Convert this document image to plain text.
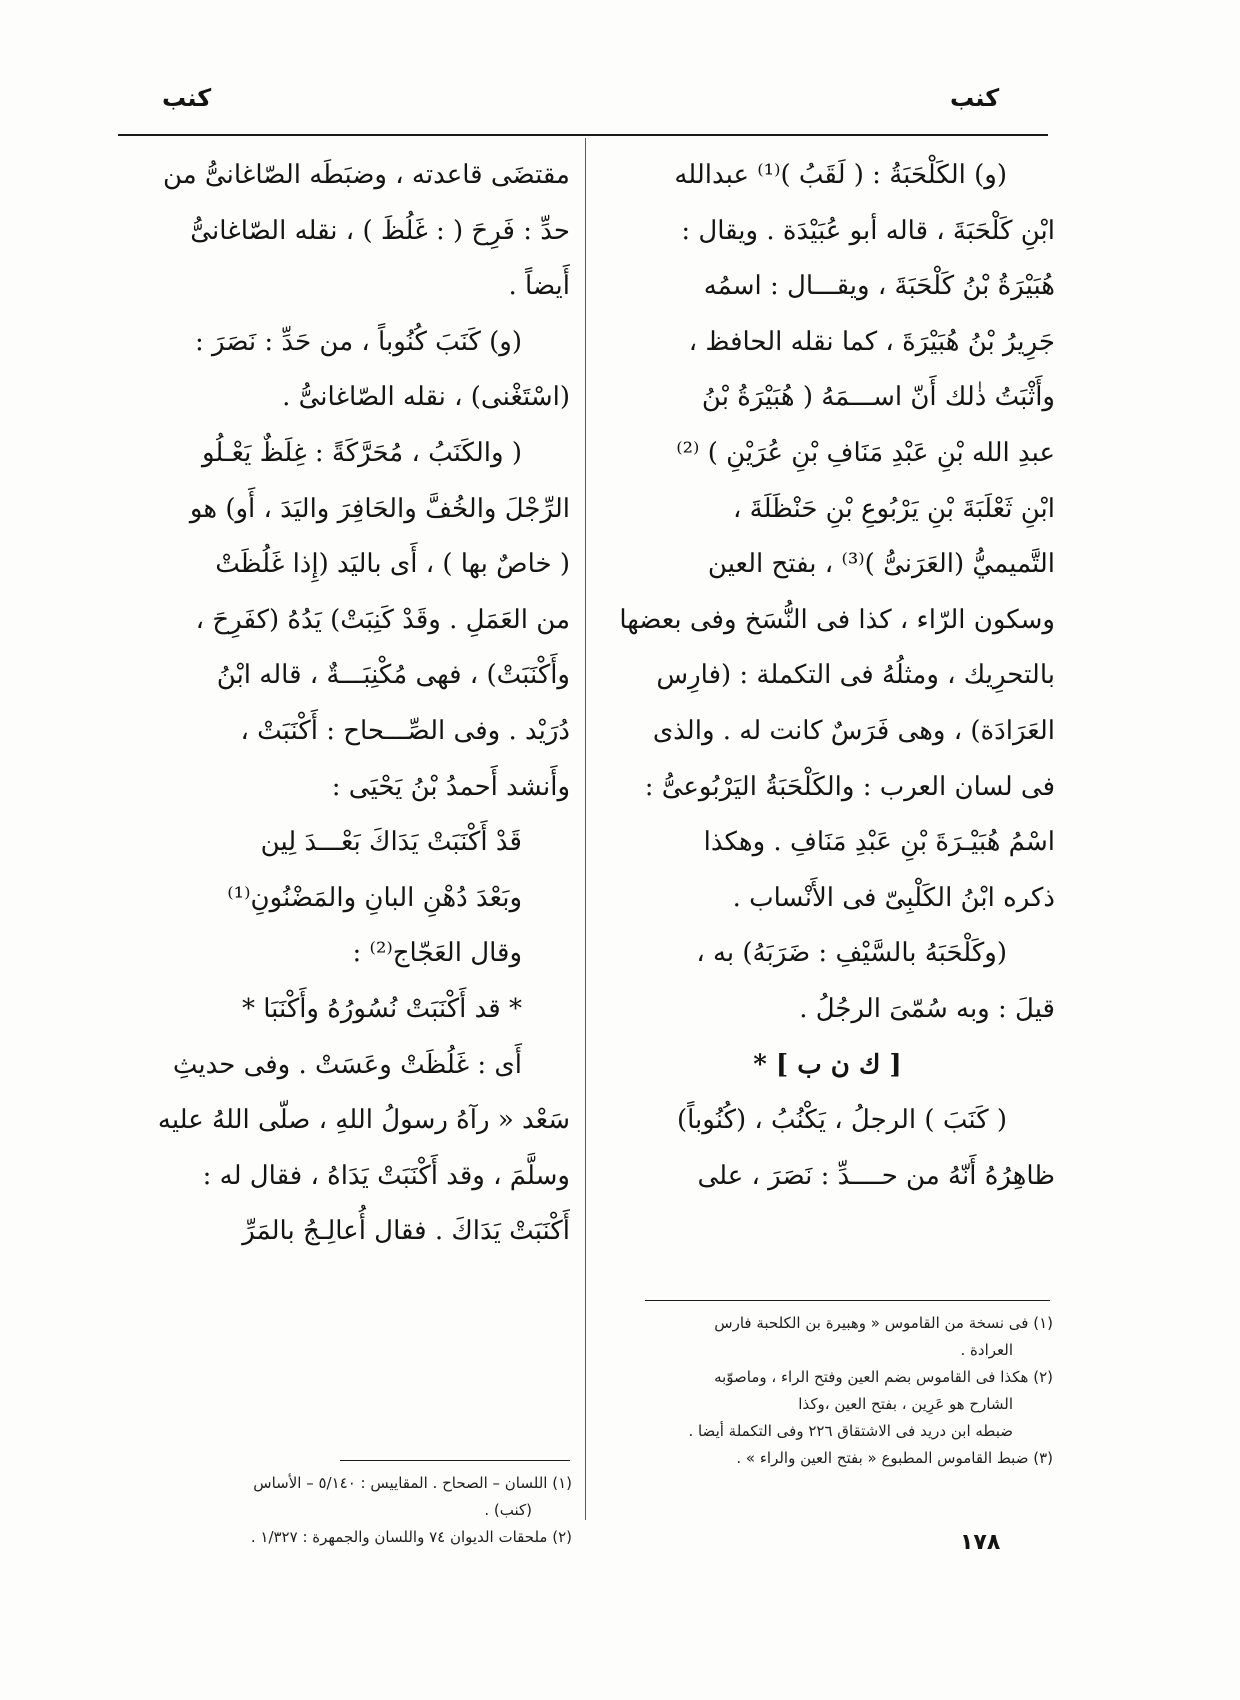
كنب
كنب
(و) الكَلْحَبَةُ : ( لَقَبُ )⁽¹⁾ عبدالله
ابْنِ كَلْحَبَةَ ، قاله أبو عُبَيْدَة . ويقال :
هُبَيْرَةُ بْنُ كَلْحَبَةَ ، ويقـــال : اسمُه
جَرِيرُ بْنُ هُبَيْرَةَ ، كما نقله الحافظ ،
وأَثْبَتُ ذٰلك أَنّ اســـمَهُ ( هُبَيْرَةُ بْنُ
عبدِ الله بْنِ عَبْدِ مَنَافِ بْنِ عُرَيْنِ ) ⁽²⁾
ابْنِ ثَعْلَبَةَ بْنِ يَرْبُوعِ بْنِ حَنْظَلَةَ ،
التَّميميُّ (العَرَنىُّ )⁽³⁾ ، بفتح العين
وسكون الرّاء ، كذا فى النُّسَخ وفى بعضها
بالتحرِيك ، ومثلُهُ فى التكملة : (فارِس
العَرَادَة) ، وهى فَرَسٌ كانت له . والذى
فى لسان العرب : والكَلْحَبَةُ اليَرْبُوعىُّ :
اسْمُ هُبَيْـرَةَ بْنِ عَبْدِ مَنَافِ . وهكذا
ذكره ابْنُ الكَلْبِىّ فى الأَنْساب .
(وكَلْحَبَهُ بالسَّيْفِ : ضَرَبَهُ) به ،
قيلَ : وبه سُمّىَ الرجُلُ .
[ ك ن ب ] *
( كَنَبَ ) الرجلُ ، يَكْنُبُ ، (كُنُوباً)
ظاهِرُهُ أَنّهُ من حــــدِّ : نَصَرَ ، على
مقتضَى قاعدته ، وضبَطَه الصّاغانىُّ من
حدِّ : فَرِحَ ( : غَلُظَ ) ، نقله الصّاغانىُّ
أَيضاً .
(و) كَنَبَ كُنُوباً ، من حَدِّ : نَصَرَ :
(اسْتَغْنى) ، نقله الصّاغانىُّ .
( والكَنَبُ ، مُحَرَّكَةً : غِلَظٌ يَعْـلُو
الرِّجْلَ والخُفَّ والحَافِرَ واليَدَ ، أَو) هو
( خاصٌ بها ) ، أَى باليَد (إِذا غَلُظَتْ
من العَمَلِ . وقَدْ كَنِبَتْ) يَدُهُ (كفَرِحَ ،
وأَكْنَبَتْ) ، فهى مُكْنِبَـــةٌ ، قاله ابْنُ
دُرَيْد . وفى الصِّـــحاح : أَكْنَبَتْ ،
وأَنشد أَحمدُ بْنُ يَحْيَى :
قَدْ أَكْنَبَتْ يَدَاكَ بَعْـــدَ لِين
وبَعْدَ دُهْنِ البانِ والمَضْنُونِ⁽¹⁾
وقال العَجّاج⁽²⁾ :
* قد أَكْنَبَتْ نُسُورُهُ وأَكْنَبَا *
أَى : غَلُظَتْ وعَسَتْ . وفى حديثِ
سَعْد « رآهُ رسولُ اللهِ ، صلّى اللهُ عليه
وسلَّمَ ، وقد أَكْنَبَتْ يَدَاهُ ، فقال له :
أَكْنَبَتْ يَدَاكَ . فقال أُعالِـجُ بالمَرِّ
(١) فى نسخة من القاموس « وهبيرة بن الكلحبة فارس
العرادة .
(٢) هكذا فى القاموس بضم العين وفتح الراء ، وماصوّبه
الشارح هو عَرِين ، بفتح العين ،وكذا
ضبطه ابن دريد فى الاشتقاق ٢٢٦ وفى التكملة أيضا .
(٣) ضبط القاموس المطبوع « بفتح العين والراء » .
(١) اللسان – الصحاح . المقاييس : ٥/١٤٠ – الأساس
(كنب) .
(٢) ملحقات الديوان ٧٤ واللسان والجمهرة : ١/٣٢٧ .	١٧٨
